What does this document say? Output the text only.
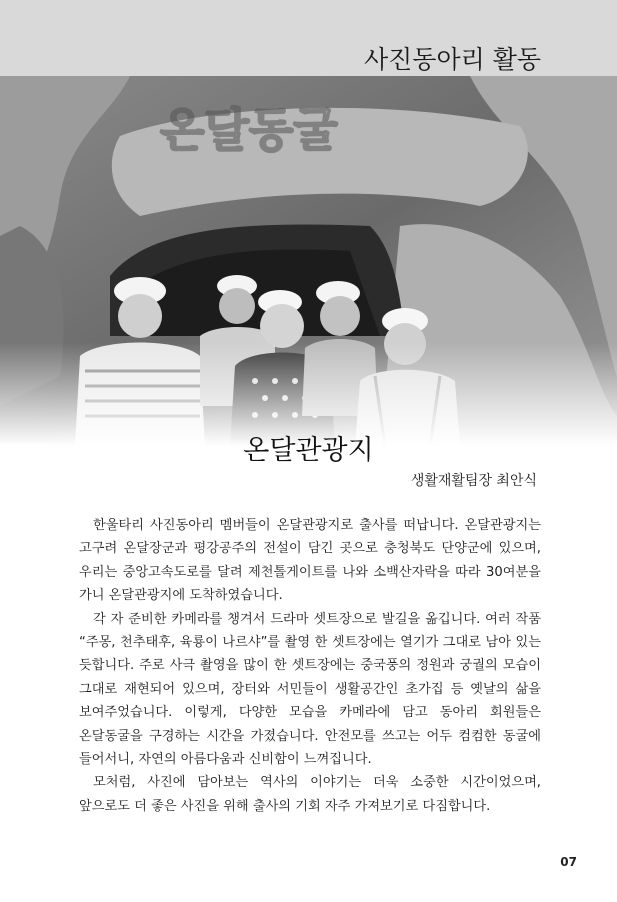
사진동아리 활동
온달관광지
생활재활팀장 최안식

한울타리 사진동아리 멤버들이 온달관광지로 출사를 떠납니다. 온달관광지는 고구려 온달장군과 평강공주의 전설이 담긴 곳으로 충청북도 단양군에 있으며, 우리는 중앙고속도로를 달려 제천톨게이트를 나와 소백산자락을 따라 30여분을 가니 온달관광지에 도착하였습니다.

각 자 준비한 카메라를 챙겨서 드라마 셋트장으로 발길을 옮깁니다. 여러 작품 “주몽, 천추태후, 육룡이 나르샤”를 촬영 한 셋트장에는 열기가 그대로 남아 있는 듯합니다. 주로 사극 촬영을 많이 한 셋트장에는 중국풍의 정원과 궁궐의 모습이 그대로 재현되어 있으며, 장터와 서민들이 생활공간인 초가집 등 옛날의 삶을 보여주었습니다. 이렇게, 다양한 모습을 카메라에 담고 동아리 회원들은 온달동굴을 구경하는 시간을 가졌습니다. 안전모를 쓰고는 어두 컴컴한 동굴에 들어서니, 자연의 아름다움과 신비함이 느껴집니다.

모처럼, 사진에 담아보는 역사의 이야기는 더욱 소중한 시간이었으며, 앞으로도 더 좋은 사진을 위해 출사의 기회 자주 가져보기로 다짐합니다.

07
